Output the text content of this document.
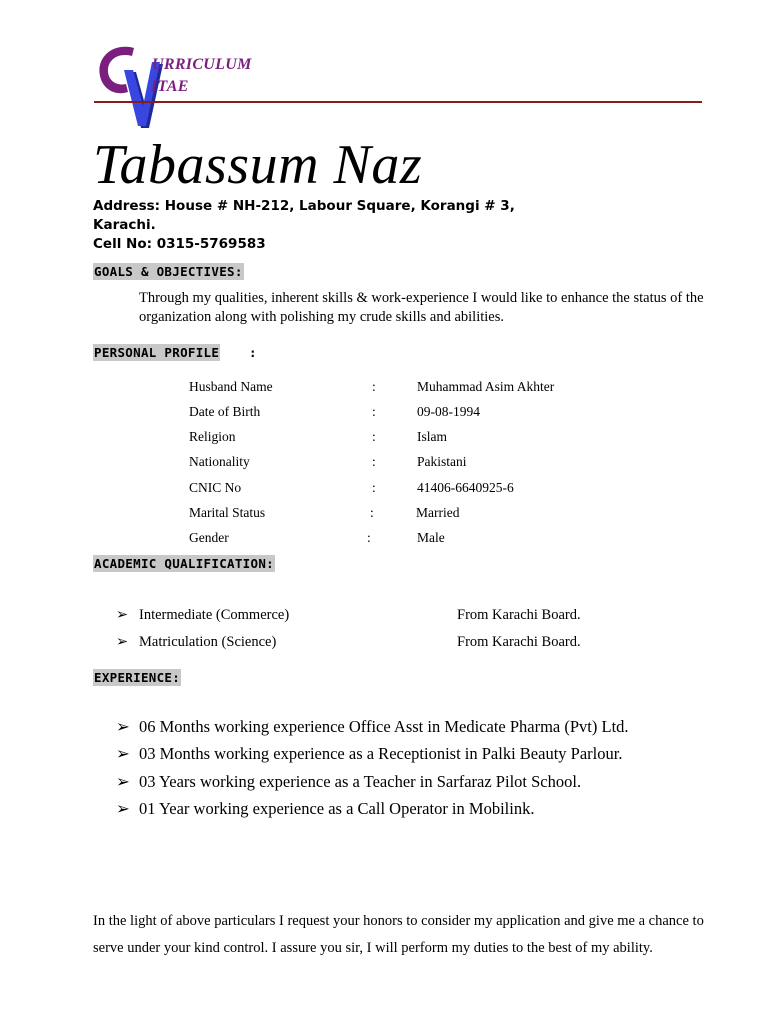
URRICULUM
ITAE
Tabassum Naz
Address: House # NH-212, Labour Square, Korangi # 3,
Karachi.
Cell No: 0315-5769583
GOALS & OBJECTIVES:
Through my qualities, inherent skills & work-experience I would like to enhance the status of the organization along with polishing my crude skills and abilities.
PERSONAL PROFILE :
Husband Name	:	Muhammad Asim Akhter
Date of Birth	:	09-08-1994
Religion	:	Islam
Nationality	:	Pakistani
CNIC No	:	41406-6640925-6
Marital Status	:	Married
Gender	:	Male
ACADEMIC QUALIFICATION:
➢ Intermediate (Commerce)	From Karachi Board.
➢ Matriculation (Science)	From Karachi Board.
EXPERIENCE:
➢ 06 Months working experience Office Asst in Medicate Pharma (Pvt) Ltd.
➢ 03 Months working experience as a Receptionist in Palki Beauty Parlour.
➢ 03 Years working experience as a Teacher in Sarfaraz Pilot School.
➢ 01 Year working experience as a Call Operator in Mobilink.
In the light of above particulars I request your honors to consider my application and give me a chance to serve under your kind control. I assure you sir, I will perform my duties to the best of my ability.
